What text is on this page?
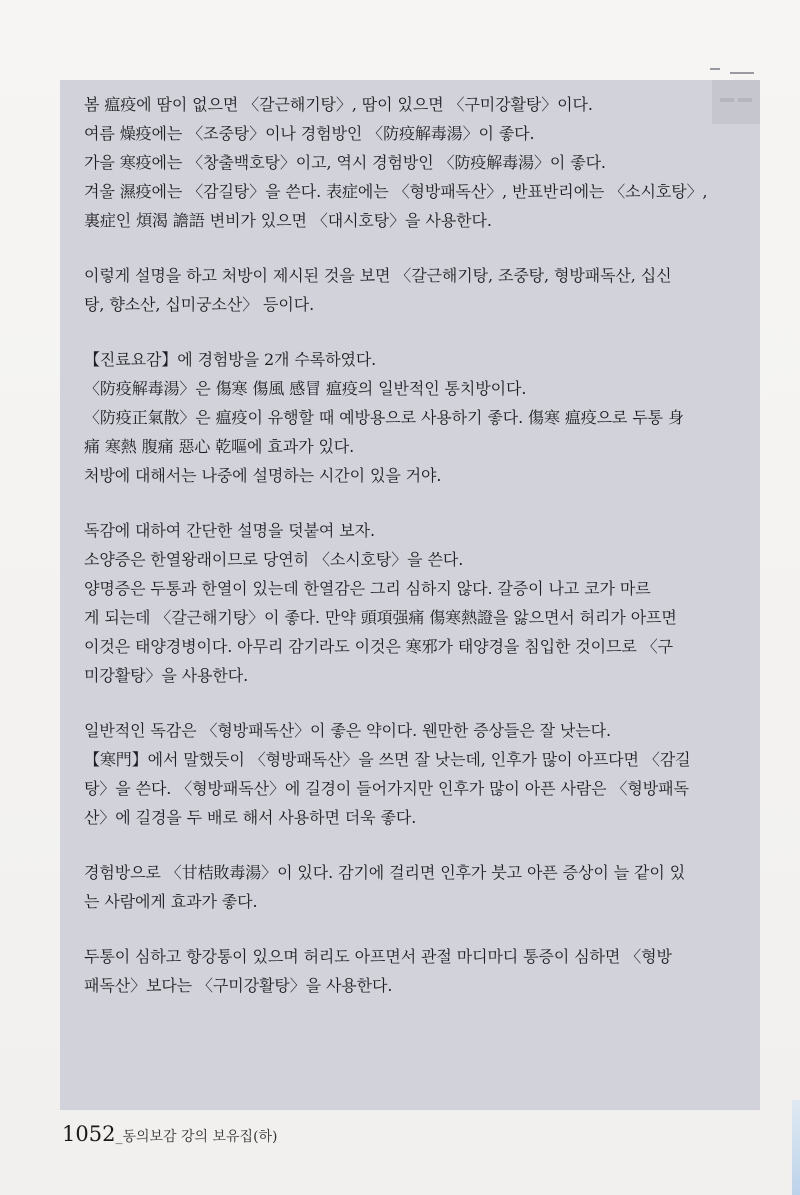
봄 瘟疫에 땀이 없으면 〈갈근해기탕〉, 땀이 있으면 〈구미강활탕〉이다.
여름 燥疫에는 〈조중탕〉이나 경험방인 〈防疫解毒湯〉이 좋다.
가을 寒疫에는 〈창출백호탕〉이고, 역시 경험방인 〈防疫解毒湯〉이 좋다.
겨울 濕疫에는 〈감길탕〉을 쓴다. 表症에는 〈형방패독산〉, 반표반리에는 〈소시호탕〉,
裏症인 煩渴 譫語 변비가 있으면 〈대시호탕〉을 사용한다.
이렇게 설명을 하고 처방이 제시된 것을 보면 〈갈근해기탕, 조중탕, 형방패독산, 십신
탕, 향소산, 십미궁소산〉 등이다.
【진료요감】에 경험방을 2개 수록하였다.
〈防疫解毒湯〉은 傷寒 傷風 感冒 瘟疫의 일반적인 통치방이다.
〈防疫正氣散〉은 瘟疫이 유행할 때 예방용으로 사용하기 좋다. 傷寒 瘟疫으로 두통 身
痛 寒熱 腹痛 惡心 乾嘔에 효과가 있다.
처방에 대해서는 나중에 설명하는 시간이 있을 거야.
독감에 대하여 간단한 설명을 덧붙여 보자.
소양증은 한열왕래이므로 당연히 〈소시호탕〉을 쓴다.
양명증은 두통과 한열이 있는데 한열감은 그리 심하지 않다. 갈증이 나고 코가 마르
게 되는데 〈갈근해기탕〉이 좋다. 만약 頭項强痛 傷寒熱證을 앓으면서 허리가 아프면
이것은 태양경병이다. 아무리 감기라도 이것은 寒邪가 태양경을 침입한 것이므로 〈구
미강활탕〉을 사용한다.
일반적인 독감은 〈형방패독산〉이 좋은 약이다. 웬만한 증상들은 잘 낫는다.
【寒門】에서 말했듯이 〈형방패독산〉을 쓰면 잘 낫는데, 인후가 많이 아프다면 〈감길
탕〉을 쓴다. 〈형방패독산〉에 길경이 들어가지만 인후가 많이 아픈 사람은 〈형방패독
산〉에 길경을 두 배로 해서 사용하면 더욱 좋다.
경험방으로 〈甘桔敗毒湯〉이 있다. 감기에 걸리면 인후가 붓고 아픈 증상이 늘 같이 있
는 사람에게 효과가 좋다.
두통이 심하고 항강통이 있으며 허리도 아프면서 관절 마디마디 통증이 심하면 〈형방
패독산〉보다는 〈구미강활탕〉을 사용한다.
1052_동의보감 강의 보유집(하)
